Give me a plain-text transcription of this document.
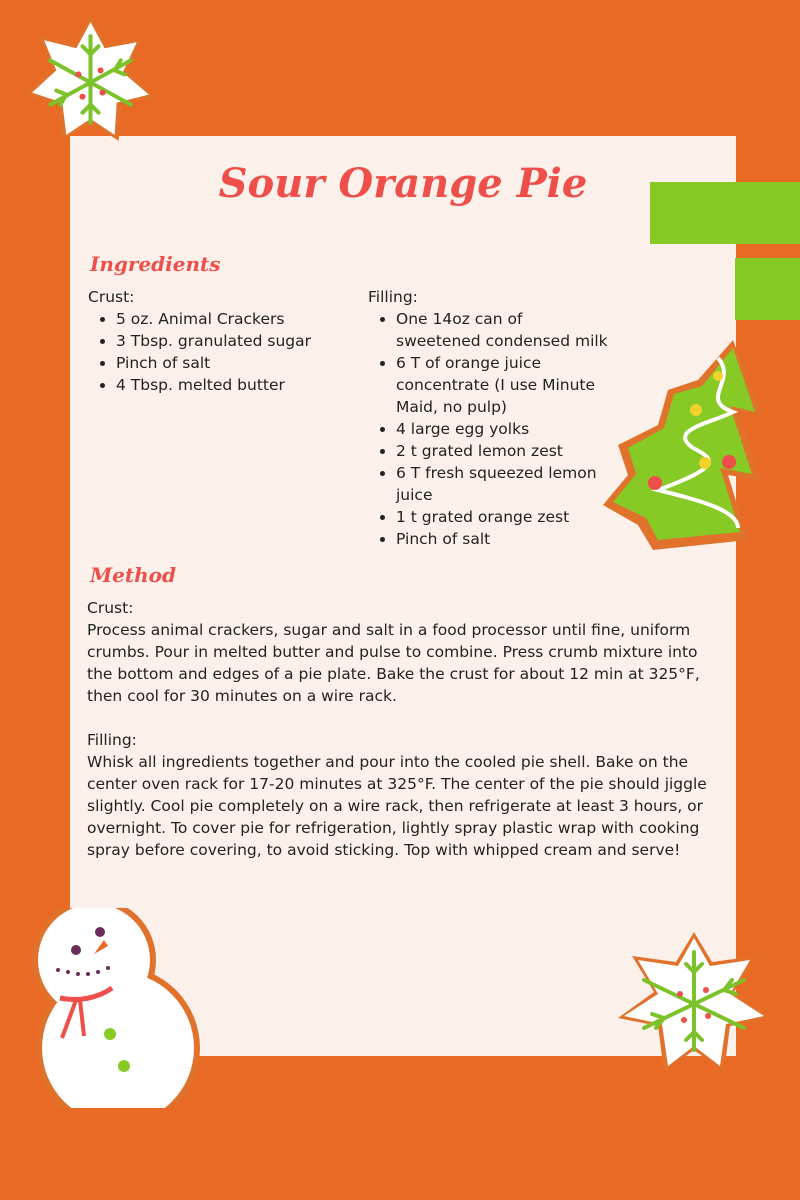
Sour Orange Pie
Ingredients

Crust:

• 5 oz. Animal Crackers
• 3 Tbsp. granulated sugar
• Pinch of salt
• 4 Tbsp. melted butter

Filling:

• One 14oz can of sweetened condensed milk
• 6 T of orange juice concentrate (I use Minute Maid, no pulp)
• 4 large egg yolks
• 2 t grated lemon zest
• 6 T fresh squeezed lemon juice
• 1 t grated orange zest
• Pinch of salt
Method

Crust:

Process animal crackers, sugar and salt in a food processor until fine, uniform crumbs. Pour in melted butter and pulse to combine. Press crumb mixture into the bottom and edges of a pie plate. Bake the crust for about 12 min at 325°F, then cool for 30 minutes on a wire rack.

Filling:

Whisk all ingredients together and pour into the cooled pie shell. Bake on the center oven rack for 17-20 minutes at 325°F. The center of the pie should jiggle slightly. Cool pie completely on a wire rack, then refrigerate at least 3 hours, or overnight. To cover pie for refrigeration, lightly spray plastic wrap with cooking spray before covering, to avoid sticking. Top with whipped cream and serve!
